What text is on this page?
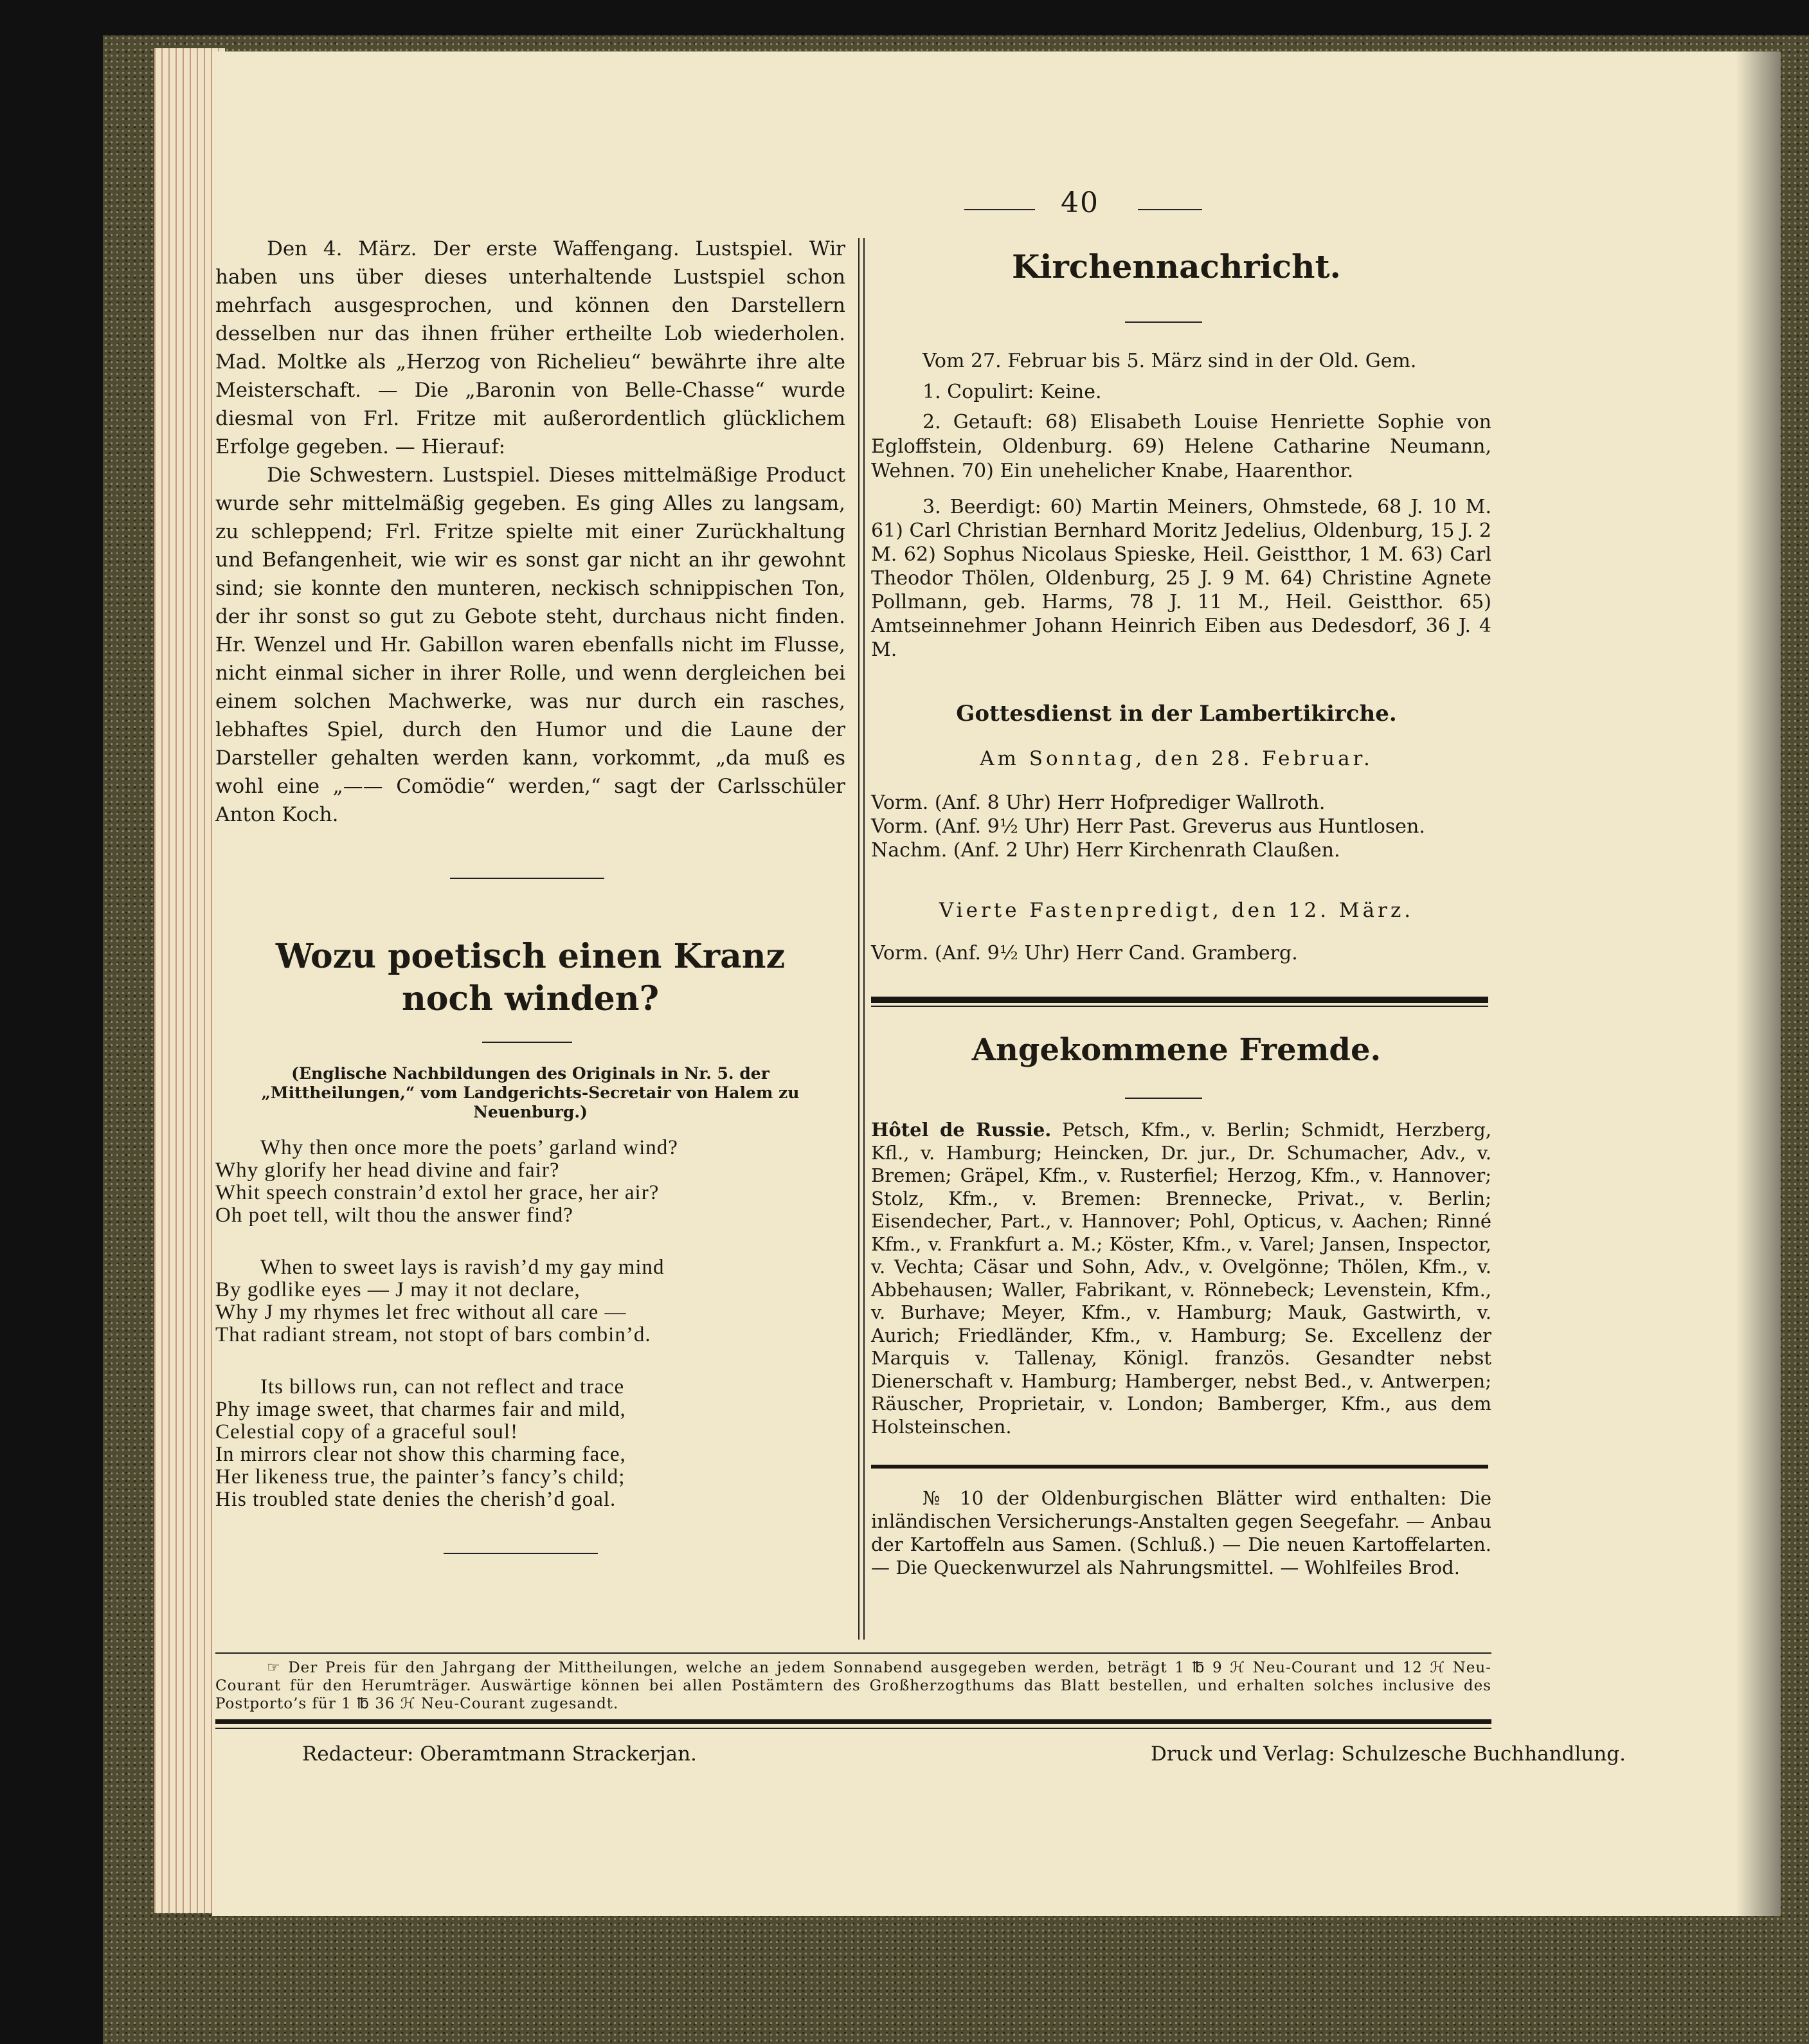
40

Den 4. März. Der erste Waffengang. Lustspiel. Wir haben uns über dieses unterhaltende Lustspiel schon mehrfach ausgesprochen, und können den Darstellern desselben nur das ihnen früher ertheilte Lob wiederholen. Mad. Moltke als „Herzog von Richelieu“ bewährte ihre alte Meisterschaft. — Die „Baronin von Belle-Chasse“ wurde diesmal von Frl. Fritze mit außerordentlich glücklichem Erfolge gegeben. — Hierauf:

Die Schwestern. Lustspiel. Dieses mittelmäßige Product wurde sehr mittelmäßig gegeben. Es ging Alles zu langsam, zu schleppend; Frl. Fritze spielte mit einer Zurückhaltung und Befangenheit, wie wir es sonst gar nicht an ihr gewohnt sind; sie konnte den munteren, neckisch schnippischen Ton, der ihr sonst so gut zu Gebote steht, durchaus nicht finden. Hr. Wenzel und Hr. Gabillon waren ebenfalls nicht im Flusse, nicht einmal sicher in ihrer Rolle, und wenn dergleichen bei einem solchen Machwerke, was nur durch ein rasches, lebhaftes Spiel, durch den Humor und die Laune der Darsteller gehalten werden kann, vorkommt, „da muß es wohl eine „—— Comödie“ werden,“ sagt der Carlsschüler Anton Koch.

Wozu poetisch einen Kranz noch winden?
(Englische Nachbildungen des Originals in Nr. 5. der „Mittheilungen,“ vom Landgerichts-Secretair von Halem zu Neuenburg.)
Why then once more the poets’ garland wind?
Why glorify her head divine and fair?
Whit speech constrain’d extol her grace, her air?
Oh poet tell, wilt thou the answer find?
When to sweet lays is ravish’d my gay mind
By godlike eyes — J may it not declare,
Why J my rhymes let frec without all care —
That radiant stream, not stopt of bars combin’d.
Its billows run, can not reflect and trace
Phy image sweet, that charmes fair and mild,
Celestial copy of a graceful soul!
In mirrors clear not show this charming face,
Her likeness true, the painter’s fancy’s child;
His troubled state denies the cherish’d goal.
Kirchennachricht.

Vom 27. Februar bis 5. März sind in der Old. Gem.

1. Copulirt: Keine.

2. Getauft: 68) Elisabeth Louise Henriette Sophie von Egloffstein, Oldenburg. 69) Helene Catharine Neumann, Wehnen. 70) Ein unehelicher Knabe, Haarenthor.

3. Beerdigt: 60) Martin Meiners, Ohmstede, 68 J. 10 M. 61) Carl Christian Bernhard Moritz Jedelius, Oldenburg, 15 J. 2 M. 62) Sophus Nicolaus Spieske, Heil. Geistthor, 1 M. 63) Carl Theodor Thölen, Oldenburg, 25 J. 9 M. 64) Christine Agnete Pollmann, geb. Harms, 78 J. 11 M., Heil. Geistthor. 65) Amtseinnehmer Johann Heinrich Eiben aus Dedesdorf, 36 J. 4 M.

Gottesdienst in der Lambertikirche.
Am Sonntag, den 28. Februar.
Vorm. (Anf. 8 Uhr) Herr Hofprediger Wallroth.
Vorm. (Anf. 9½ Uhr) Herr Past. Greverus aus Huntlosen.
Nachm. (Anf. 2 Uhr) Herr Kirchenrath Claußen.
Vierte Fastenpredigt, den 12. März.
Vorm. (Anf. 9½ Uhr) Herr Cand. Gramberg.
Angekommene Fremde.

Hôtel de Russie. Petsch, Kfm., v. Berlin; Schmidt, Herzberg, Kfl., v. Hamburg; Heincken, Dr. jur., Dr. Schumacher, Adv., v. Bremen; Gräpel, Kfm., v. Rusterfiel; Herzog, Kfm., v. Hannover; Stolz, Kfm., v. Bremen: Brennecke, Privat., v. Berlin; Eisendecher, Part., v. Hannover; Pohl, Opticus, v. Aachen; Rinné Kfm., v. Frankfurt a. M.; Köster, Kfm., v. Varel; Jansen, Inspector, v. Vechta; Cäsar und Sohn, Adv., v. Ovelgönne; Thölen, Kfm., v. Abbehausen; Waller, Fabrikant, v. Rönnebeck; Levenstein, Kfm., v. Burhave; Meyer, Kfm., v. Hamburg; Mauk, Gastwirth, v. Aurich; Friedländer, Kfm., v. Hamburg; Se. Excellenz der Marquis v. Tallenay, Königl. französ. Gesandter nebst Dienerschaft v. Hamburg; Hamberger, nebst Bed., v. Antwerpen; Räuscher, Proprietair, v. London; Bamberger, Kfm., aus dem Holsteinschen.

№ 10 der Oldenburgischen Blätter wird enthalten: Die inländischen Versicherungs-Anstalten gegen Seegefahr. — Anbau der Kartoffeln aus Samen. (Schluß.) — Die neuen Kartoffelarten. — Die Queckenwurzel als Nahrungsmittel. — Wohlfeiles Brod.

☞ Der Preis für den Jahrgang der Mittheilungen, welche an jedem Sonnabend ausgegeben werden, beträgt 1 ℔ 9 ℋ Neu-Courant und 12 ℋ Neu-Courant für den Herumträger. Auswärtige können bei allen Postämtern des Großherzogthums das Blatt bestellen, und erhalten solches inclusive des Postporto’s für 1 ℔ 36 ℋ Neu-Courant zugesandt.

Redacteur: Oberamtmann Strackerjan.	Druck und Verlag: Schulzesche Buchhandlung.
